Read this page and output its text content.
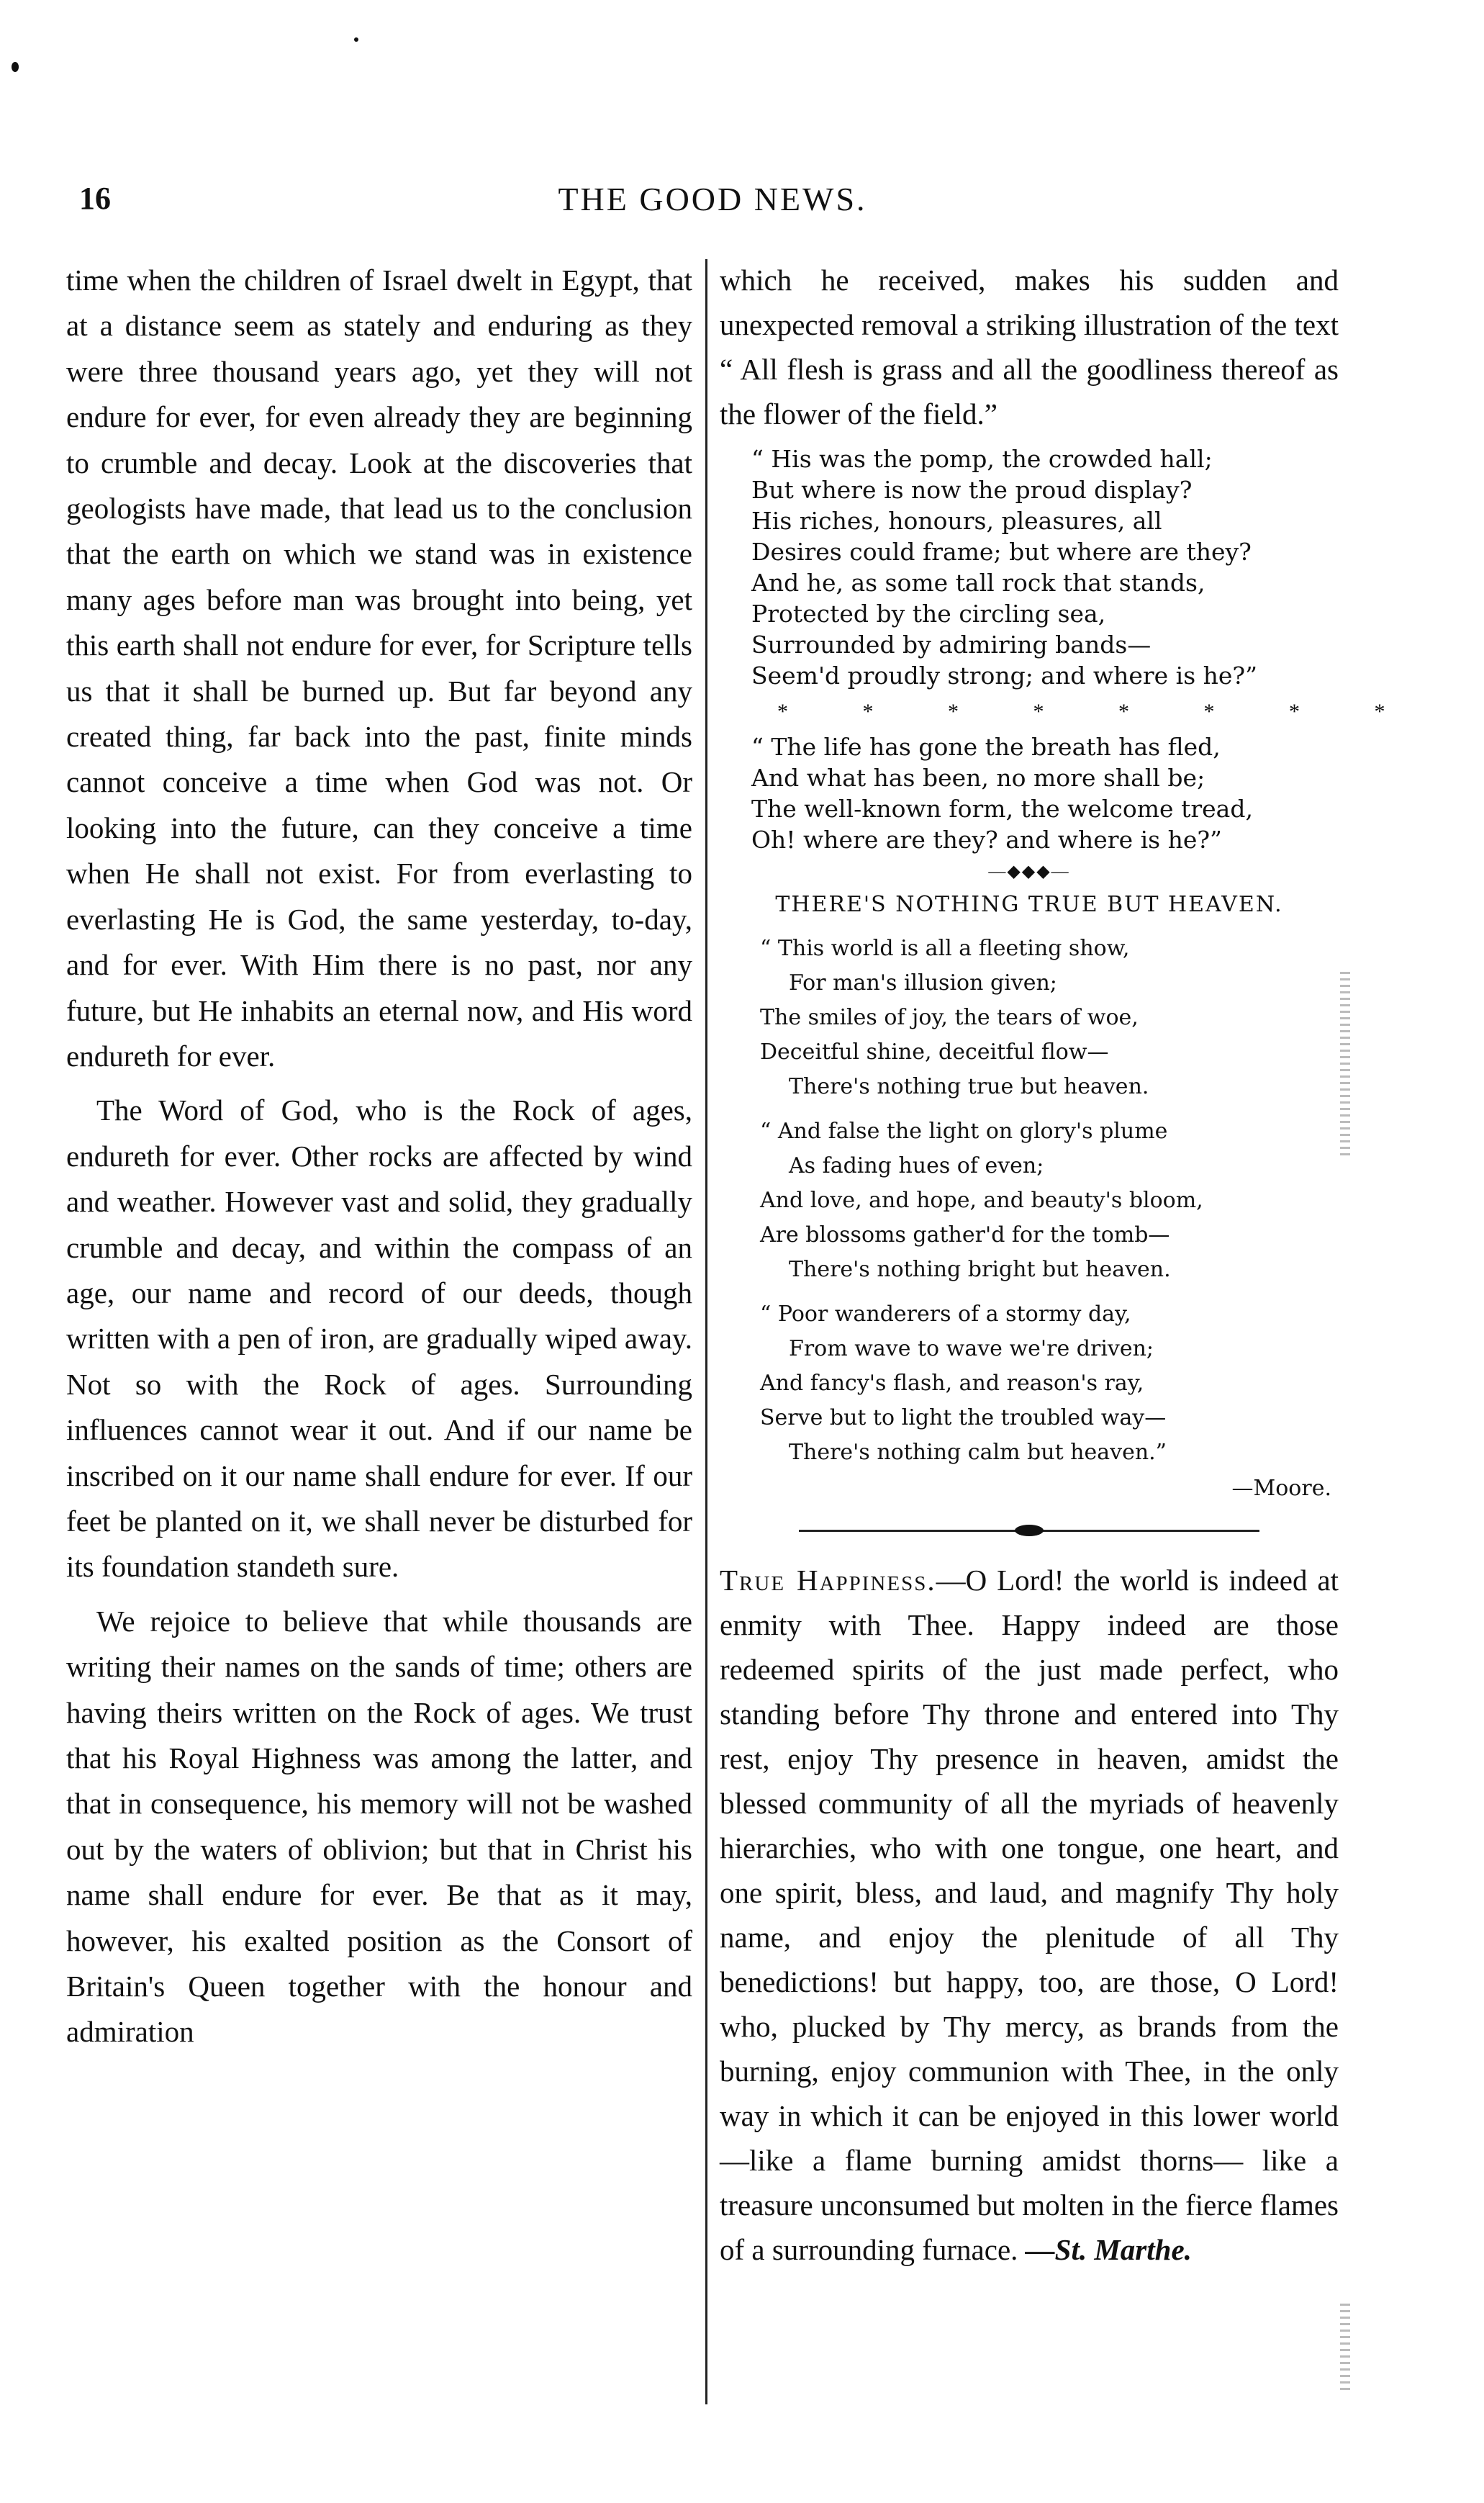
16	THE GOOD NEWS.

time when the children of Israel dwelt in Egypt, that at a distance seem as stately and enduring as they were three thousand years ago, yet they will not endure for ever, for even already they are beginning to crumble and decay. Look at the discoveries that geologists have made, that lead us to the conclusion that the earth on which we stand was in existence many ages before man was brought into being, yet this earth shall not endure for ever, for Scripture tells us that it shall be burned up. But far beyond any created thing, far back into the past, finite minds cannot conceive a time when God was not. Or looking into the future, can they conceive a time when He shall not exist. For from everlasting to everlasting He is God, the same yesterday, to-day, and for ever. With Him there is no past, nor any future, but He inhabits an eternal now, and His word endureth for ever.

The Word of God, who is the Rock of ages, endureth for ever. Other rocks are affected by wind and weather. However vast and solid, they gradually crumble and decay, and within the compass of an age, our name and record of our deeds, though written with a pen of iron, are gradually wiped away. Not so with the Rock of ages. Surrounding influences cannot wear it out. And if our name be inscribed on it our name shall endure for ever. If our feet be planted on it, we shall never be disturbed for its foundation standeth sure.

We rejoice to believe that while thousands are writing their names on the sands of time; others are having theirs written on the Rock of ages. We trust that his Royal Highness was among the latter, and that in consequence, his memory will not be washed out by the waters of oblivion; but that in Christ his name shall endure for ever. Be that as it may, however, his exalted position as the Consort of Britain's Queen together with the honour and admiration

which he received, makes his sudden and unexpected removal a striking illustration of the text “ All flesh is grass and all the goodliness thereof as the flower of the field.”

“ His was the pomp, the crowded hall;
But where is now the proud display?
His riches, honours, pleasures, all
Desires could frame; but where are they?
And he, as some tall rock that stands,
Protected by the circling sea,
Surrounded by admiring bands—
Seem'd proudly strong; and where is he?”
* * * * * * * *
“ The life has gone the breath has fled,
And what has been, no more shall be;
The well-known form, the welcome tread,
Oh! where are they? and where is he?”
―◆◆◆―
THERE'S NOTHING TRUE BUT HEAVEN.
“ This world is all a fleeting show,
For man's illusion given;
The smiles of joy, the tears of woe,
Deceitful shine, deceitful flow—
There's nothing true but heaven.
“ And false the light on glory's plume
As fading hues of even;
And love, and hope, and beauty's bloom,
Are blossoms gather'd for the tomb—
There's nothing bright but heaven.
“ Poor wanderers of a stormy day,
From wave to wave we're driven;
And fancy's flash, and reason's ray,
Serve but to light the troubled way—
There's nothing calm but heaven.”
—Moore.

True Happiness.—O Lord! the world is indeed at enmity with Thee. Happy indeed are those redeemed spirits of the just made perfect, who standing before Thy throne and entered into Thy rest, enjoy Thy presence in heaven, amidst the blessed community of all the myriads of heavenly hierarchies, who with one tongue, one heart, and one spirit, bless, and laud, and magnify Thy holy name, and enjoy the plenitude of all Thy benedictions! but happy, too, are those, O Lord! who, plucked by Thy mercy, as brands from the burning, enjoy communion with Thee, in the only way in which it can be enjoyed in this lower world —like a flame burning amidst thorns— like a treasure unconsumed but molten in the fierce flames of a surrounding furnace. —St. Marthe.
